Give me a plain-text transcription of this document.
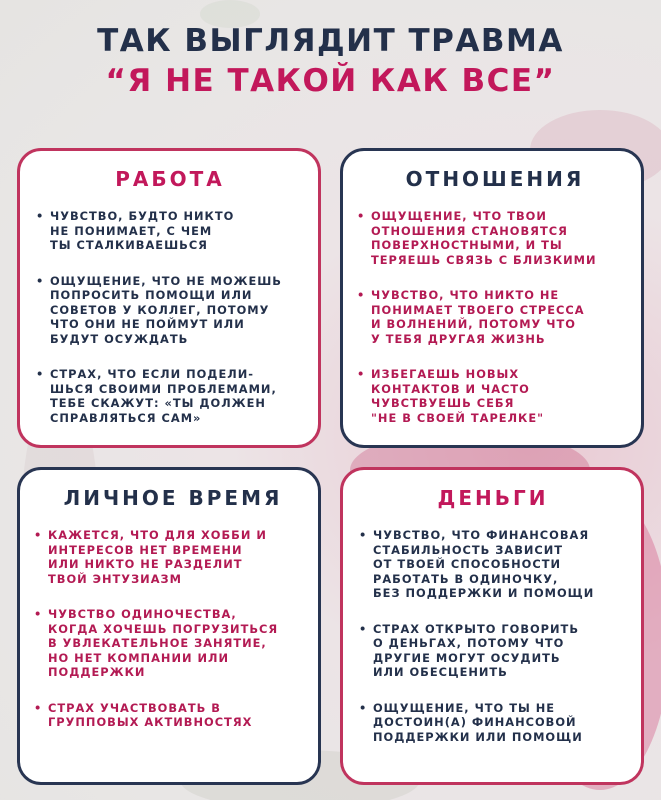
ТАК ВЫГЛЯДИТ ТРАВМА
“Я НЕ ТАКОЙ КАК ВСЕ”
РАБОТА
• ЧУВСТВО, БУДТО НИКТО
НЕ ПОНИМАЕТ, С ЧЕМ
ТЫ СТАЛКИВАЕШЬСЯ
• ОЩУЩЕНИЕ, ЧТО НЕ МОЖЕШЬ
ПОПРОСИТЬ ПОМОЩИ ИЛИ
СОВЕТОВ У КОЛЛЕГ, ПОТОМУ
ЧТО ОНИ НЕ ПОЙМУТ ИЛИ
БУДУТ ОСУЖДАТЬ
• СТРАХ, ЧТО ЕСЛИ ПОДЕЛИ-
ШЬСЯ СВОИМИ ПРОБЛЕМАМИ,
ТЕБЕ СКАЖУТ: «ТЫ ДОЛЖЕН
СПРАВЛЯТЬСЯ САМ»
ОТНОШЕНИЯ
• ОЩУЩЕНИЕ, ЧТО ТВОИ
ОТНОШЕНИЯ СТАНОВЯТСЯ
ПОВЕРХНОСТНЫМИ, И ТЫ
ТЕРЯЕШЬ СВЯЗЬ С БЛИЗКИМИ
• ЧУВСТВО, ЧТО НИКТО НЕ
ПОНИМАЕТ ТВОЕГО СТРЕССА
И ВОЛНЕНИЙ, ПОТОМУ ЧТО
У ТЕБЯ ДРУГАЯ ЖИЗНЬ
• ИЗБЕГАЕШЬ НОВЫХ
КОНТАКТОВ И ЧАСТО
ЧУВСТВУЕШЬ СЕБЯ
"НЕ В СВОЕЙ ТАРЕЛКЕ"
ЛИЧНОЕ ВРЕМЯ
• КАЖЕТСЯ, ЧТО ДЛЯ ХОББИ И
ИНТЕРЕСОВ НЕТ ВРЕМЕНИ
ИЛИ НИКТО НЕ РАЗДЕЛИТ
ТВОЙ ЭНТУЗИАЗМ
• ЧУВСТВО ОДИНОЧЕСТВА,
КОГДА ХОЧЕШЬ ПОГРУЗИТЬСЯ
В УВЛЕКАТЕЛЬНОЕ ЗАНЯТИЕ,
НО НЕТ КОМПАНИИ ИЛИ
ПОДДЕРЖКИ
• СТРАХ УЧАСТВОВАТЬ В
ГРУППОВЫХ АКТИВНОСТЯХ
ДЕНЬГИ
• ЧУВСТВО, ЧТО ФИНАНСОВАЯ
СТАБИЛЬНОСТЬ ЗАВИСИТ
ОТ ТВОЕЙ СПОСОБНОСТИ
РАБОТАТЬ В ОДИНОЧКУ,
БЕЗ ПОДДЕРЖКИ И ПОМОЩИ
• СТРАХ ОТКРЫТО ГОВОРИТЬ
О ДЕНЬГАХ, ПОТОМУ ЧТО
ДРУГИЕ МОГУТ ОСУДИТЬ
ИЛИ ОБЕСЦЕНИТЬ
• ОЩУЩЕНИЕ, ЧТО ТЫ НЕ
ДОСТОИН(А) ФИНАНСОВОЙ
ПОДДЕРЖКИ ИЛИ ПОМОЩИ
